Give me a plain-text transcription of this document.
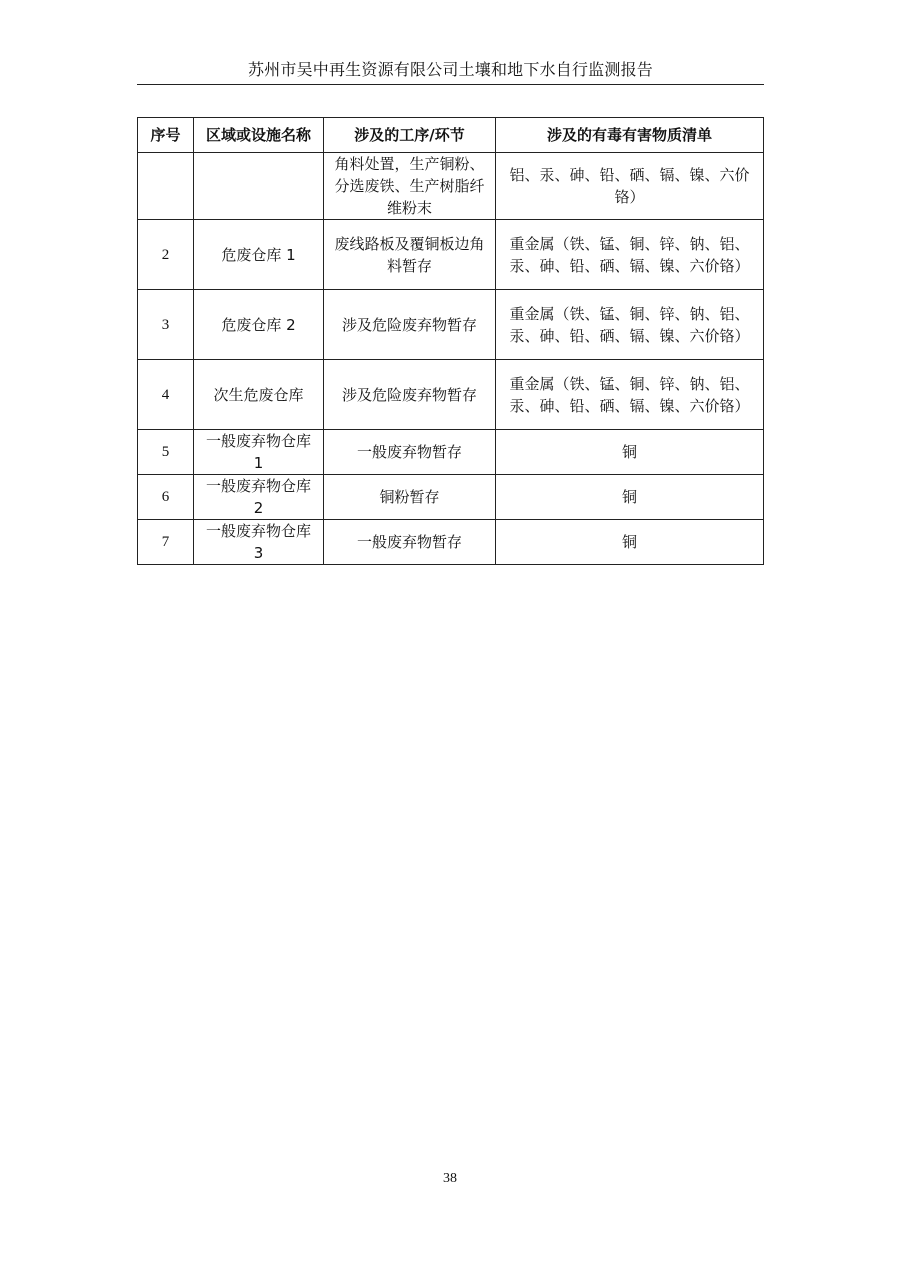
苏州市吴中再生资源有限公司土壤和地下水自行监测报告
序号	区域或设施名称	涉及的工序/环节	涉及的有毒有害物质清单
		角料处置，生产铜粉、分选废铁、生产树脂纤维粉末	铝、汞、砷、铅、硒、镉、镍、六价铬）
2	危废仓库 1	废线路板及覆铜板边角料暂存	重金属（铁、锰、铜、锌、钠、铝、汞、砷、铅、硒、镉、镍、六价铬）
3	危废仓库 2	涉及危险废弃物暂存	重金属（铁、锰、铜、锌、钠、铝、汞、砷、铅、硒、镉、镍、六价铬）
4	次生危废仓库	涉及危险废弃物暂存	重金属（铁、锰、铜、锌、钠、铝、汞、砷、铅、硒、镉、镍、六价铬）
5	一般废弃物仓库 1	一般废弃物暂存	铜
6	一般废弃物仓库 2	铜粉暂存	铜
7	一般废弃物仓库 3	一般废弃物暂存	铜
38
